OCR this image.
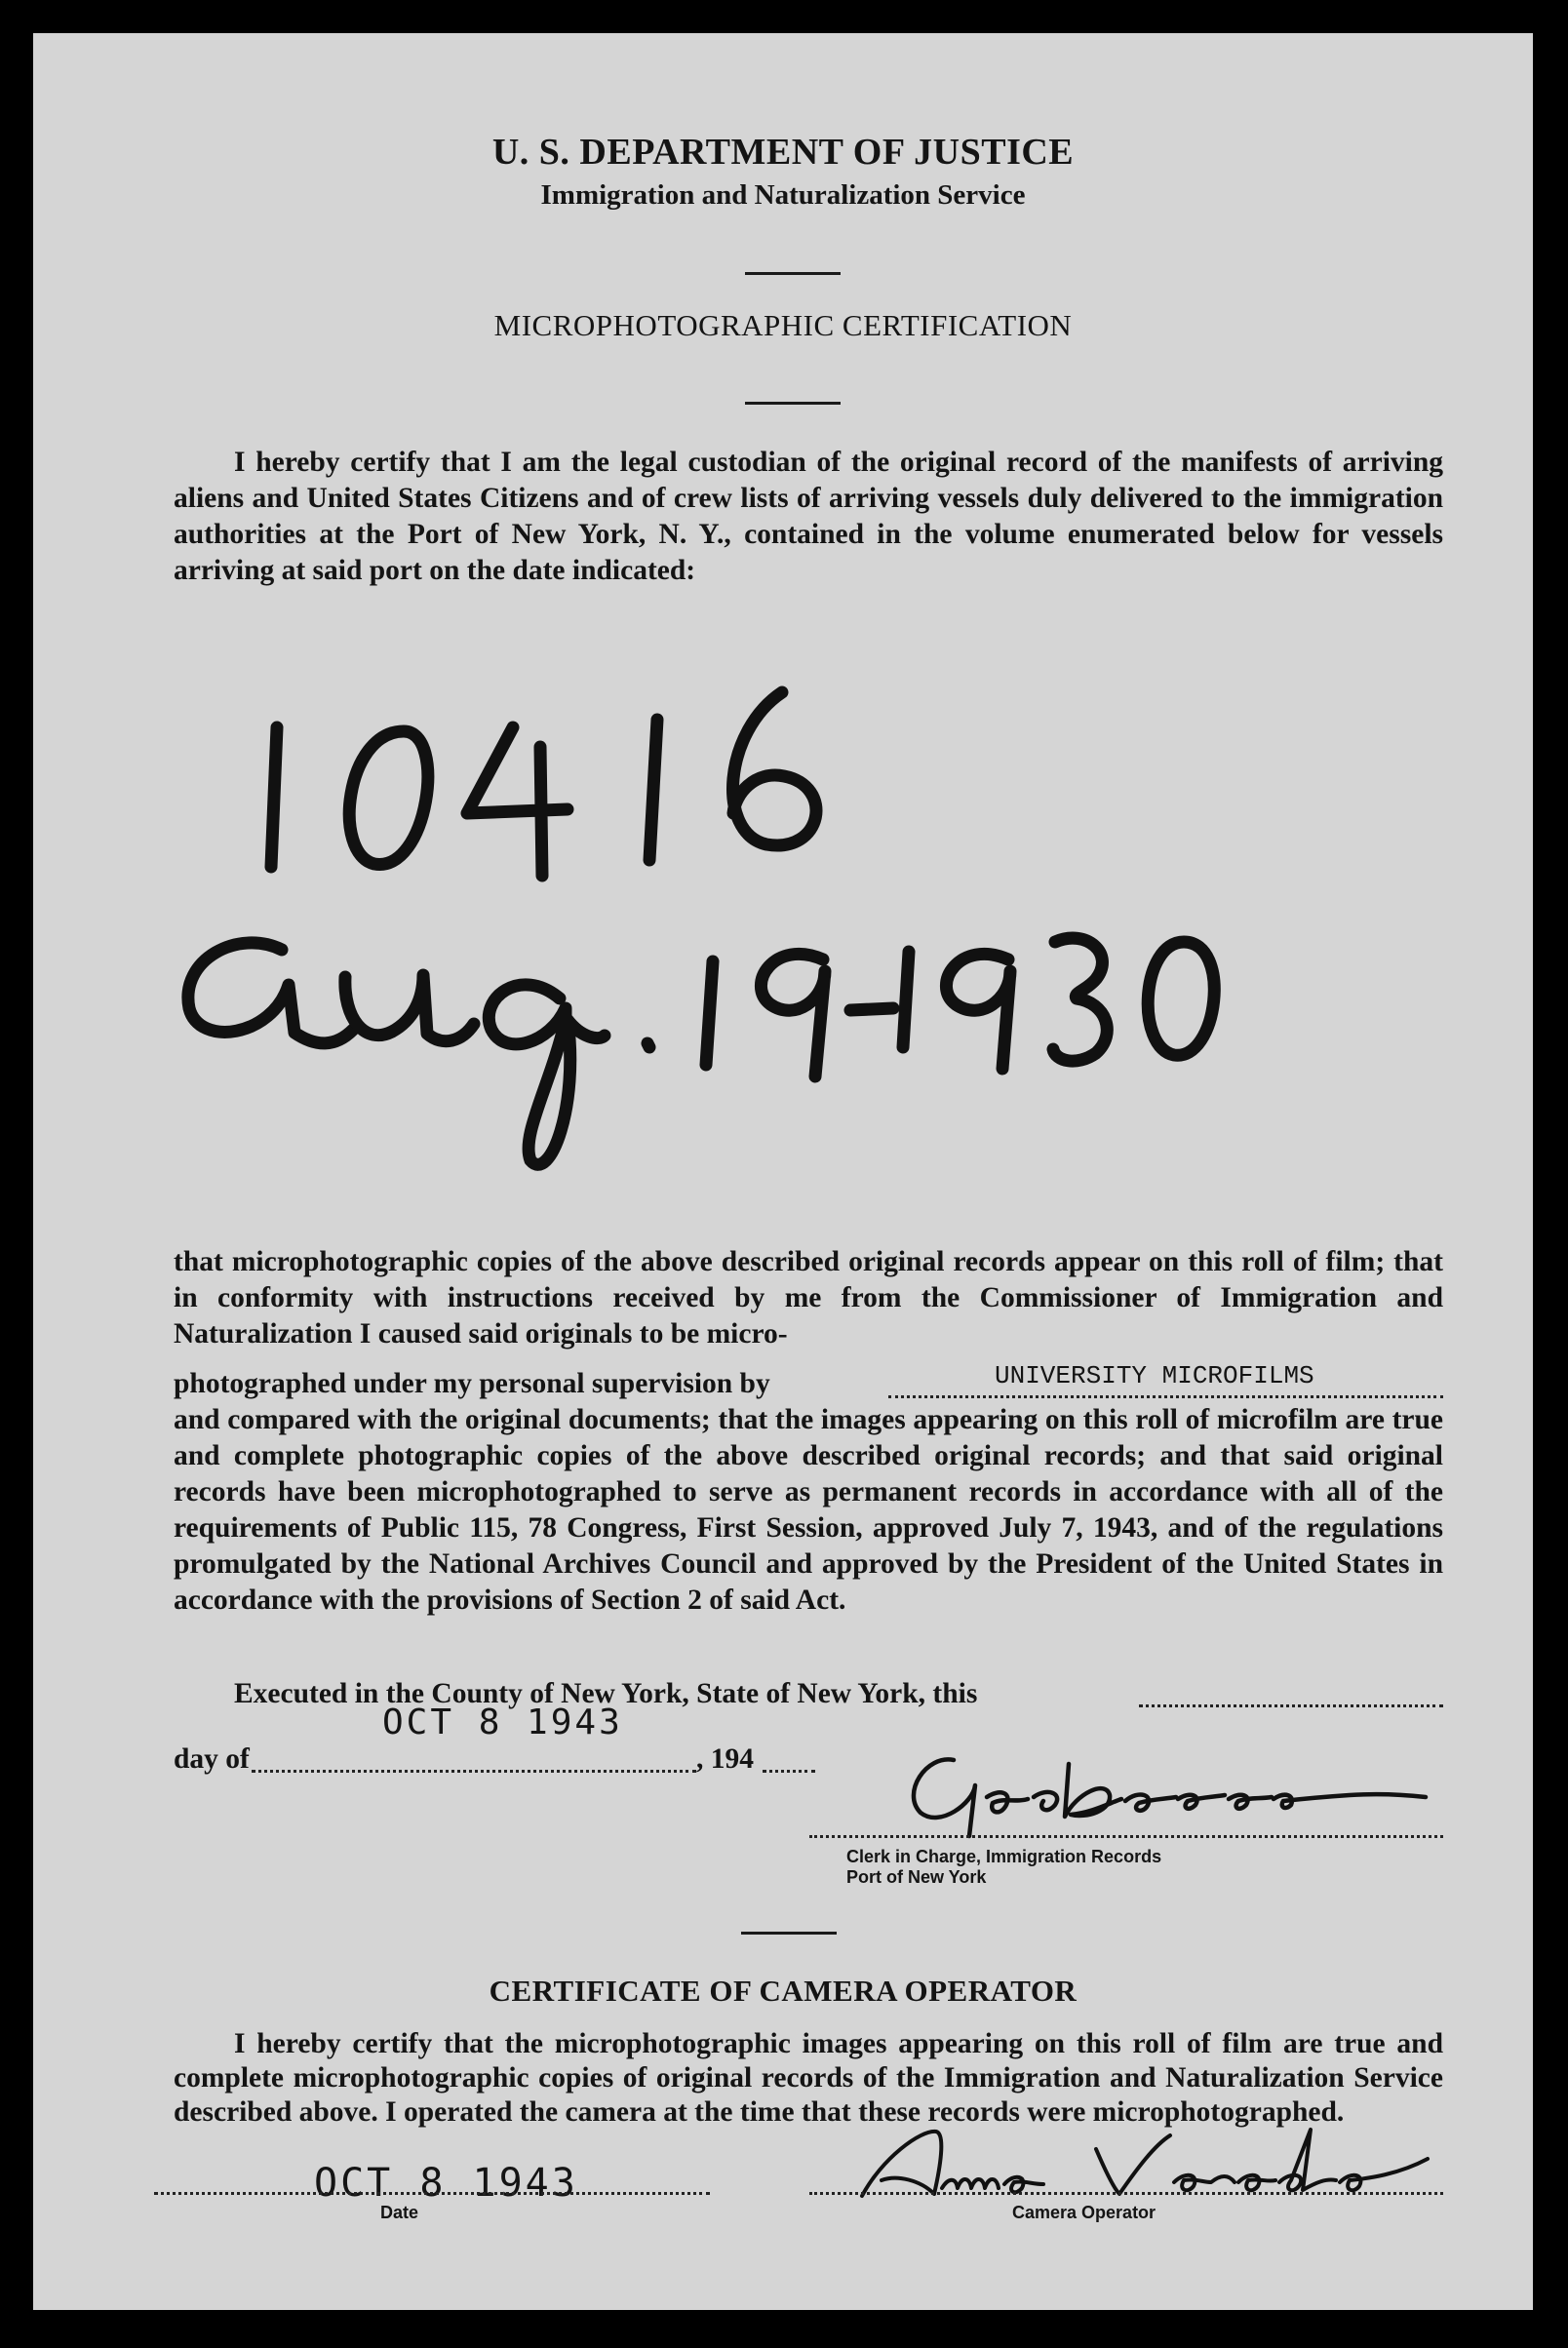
U. S. DEPARTMENT OF JUSTICE
Immigration and Naturalization Service
MICROPHOTOGRAPHIC CERTIFICATION

I hereby certify that I am the legal custodian of the original record of the manifests of arriving aliens and United States Citizens and of crew lists of arriving vessels duly delivered to the immigration authorities at the Port of New York, N. Y., contained in the volume enumerated below for vessels arriving at said port on the date indicated:

that microphotographic copies of the above described original records appear on this roll of film; that in conformity with instructions received by me from the Commissioner of Immigration and Naturalization I caused said originals to be micro-

photographed under my personal supervision by	UNIVERSITY MICROFILMS

and compared with the original documents; that the images appearing on this roll of microfilm are true and complete photographic copies of the above described original records; and that said original records have been microphotographed to serve as permanent records in accordance with all of the requirements of Public 115, 78 Congress, First Session, approved July 7, 1943, and of the regulations promulgated by the National Archives Council and approved by the President of the United States in accordance with the provisions of Section 2 of said Act.

Executed in the County of New York, State of New York, this
OCT 8 1943
day of	, 194
Clerk in Charge, Immigration Records
Port of New York
CERTIFICATE OF CAMERA OPERATOR

I hereby certify that the microphotographic images appearing on this roll of film are true and complete microphotographic copies of original records of the Immigration and Naturalization Service described above. I operated the camera at the time that these records were microphotographed.

OCT 8 1943
Date	Camera Operator
